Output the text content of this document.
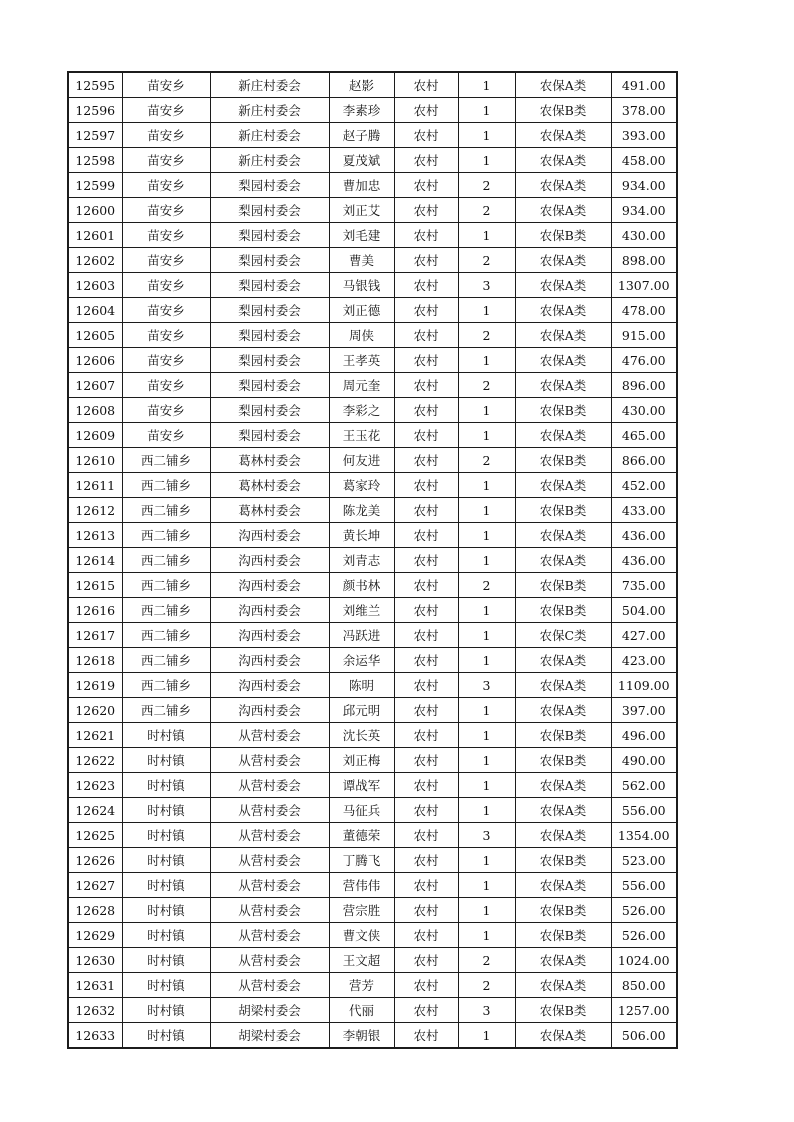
12595	苗安乡	新庄村委会	赵影	农村	1	农保A类	491.00
12596	苗安乡	新庄村委会	李素珍	农村	1	农保B类	378.00
12597	苗安乡	新庄村委会	赵子腾	农村	1	农保A类	393.00
12598	苗安乡	新庄村委会	夏茂斌	农村	1	农保A类	458.00
12599	苗安乡	梨园村委会	曹加忠	农村	2	农保A类	934.00
12600	苗安乡	梨园村委会	刘正艾	农村	2	农保A类	934.00
12601	苗安乡	梨园村委会	刘毛建	农村	1	农保B类	430.00
12602	苗安乡	梨园村委会	曹美	农村	2	农保A类	898.00
12603	苗安乡	梨园村委会	马银钱	农村	3	农保A类	1307.00
12604	苗安乡	梨园村委会	刘正德	农村	1	农保A类	478.00
12605	苗安乡	梨园村委会	周侠	农村	2	农保A类	915.00
12606	苗安乡	梨园村委会	王孝英	农村	1	农保A类	476.00
12607	苗安乡	梨园村委会	周元奎	农村	2	农保A类	896.00
12608	苗安乡	梨园村委会	李彩之	农村	1	农保B类	430.00
12609	苗安乡	梨园村委会	王玉花	农村	1	农保A类	465.00
12610	西二铺乡	葛林村委会	何友进	农村	2	农保B类	866.00
12611	西二铺乡	葛林村委会	葛家玲	农村	1	农保A类	452.00
12612	西二铺乡	葛林村委会	陈龙美	农村	1	农保B类	433.00
12613	西二铺乡	沟西村委会	黄长坤	农村	1	农保A类	436.00
12614	西二铺乡	沟西村委会	刘青志	农村	1	农保A类	436.00
12615	西二铺乡	沟西村委会	颜书林	农村	2	农保B类	735.00
12616	西二铺乡	沟西村委会	刘维兰	农村	1	农保B类	504.00
12617	西二铺乡	沟西村委会	冯跃进	农村	1	农保C类	427.00
12618	西二铺乡	沟西村委会	余运华	农村	1	农保A类	423.00
12619	西二铺乡	沟西村委会	陈明	农村	3	农保A类	1109.00
12620	西二铺乡	沟西村委会	邱元明	农村	1	农保A类	397.00
12621	时村镇	从营村委会	沈长英	农村	1	农保B类	496.00
12622	时村镇	从营村委会	刘正梅	农村	1	农保B类	490.00
12623	时村镇	从营村委会	谭战军	农村	1	农保A类	562.00
12624	时村镇	从营村委会	马征兵	农村	1	农保A类	556.00
12625	时村镇	从营村委会	董德荣	农村	3	农保A类	1354.00
12626	时村镇	从营村委会	丁腾飞	农村	1	农保B类	523.00
12627	时村镇	从营村委会	营伟伟	农村	1	农保A类	556.00
12628	时村镇	从营村委会	营宗胜	农村	1	农保B类	526.00
12629	时村镇	从营村委会	曹文侠	农村	1	农保B类	526.00
12630	时村镇	从营村委会	王文超	农村	2	农保A类	1024.00
12631	时村镇	从营村委会	营芳	农村	2	农保A类	850.00
12632	时村镇	胡梁村委会	代丽	农村	3	农保B类	1257.00
12633	时村镇	胡梁村委会	李朝银	农村	1	农保A类	506.00
